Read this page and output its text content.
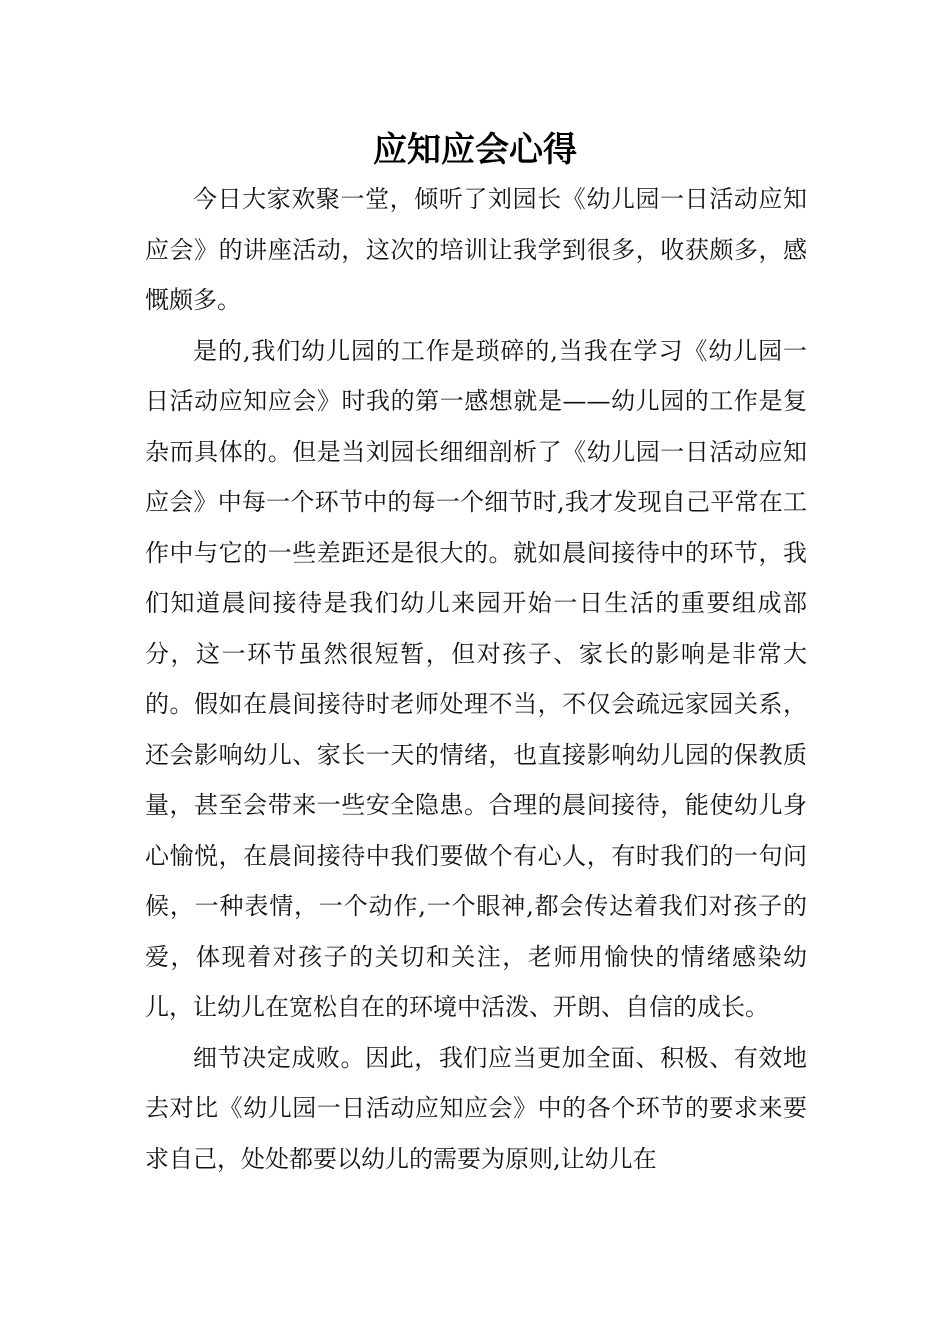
应知应会心得

今日大家欢聚一堂，倾听了刘园长《幼儿园一日活动应知应会》的讲座活动，这次的培训让我学到很多，收获颇多，感慨颇多。

是的,我们幼儿园的工作是琐碎的,当我在学习《幼儿园一日活动应知应会》时我的第一感想就是——幼儿园的工作是复杂而具体的。但是当刘园长细细剖析了《幼儿园一日活动应知应会》中每一个环节中的每一个细节时,我才发现自己平常在工作中与它的一些差距还是很大的。就如晨间接待中的环节，我们知道晨间接待是我们幼儿来园开始一日生活的重要组成部分，这一环节虽然很短暂，但对孩子、家长的影响是非常大的。假如在晨间接待时老师处理不当，不仅会疏远家园关系，还会影响幼儿、家长一天的情绪，也直接影响幼儿园的保教质量，甚至会带来一些安全隐患。合理的晨间接待，能使幼儿身心愉悦，在晨间接待中我们要做个有心人，有时我们的一句问候，一种表情，一个动作,一个眼神,都会传达着我们对孩子的爱，体现着对孩子的关切和关注，老师用愉快的情绪感染幼儿，让幼儿在宽松自在的环境中活泼、开朗、自信的成长。

细节决定成败。因此，我们应当更加全面、积极、有效地去对比《幼儿园一日活动应知应会》中的各个环节的要求来要求自己，处处都要以幼儿的需要为原则,让幼儿在
